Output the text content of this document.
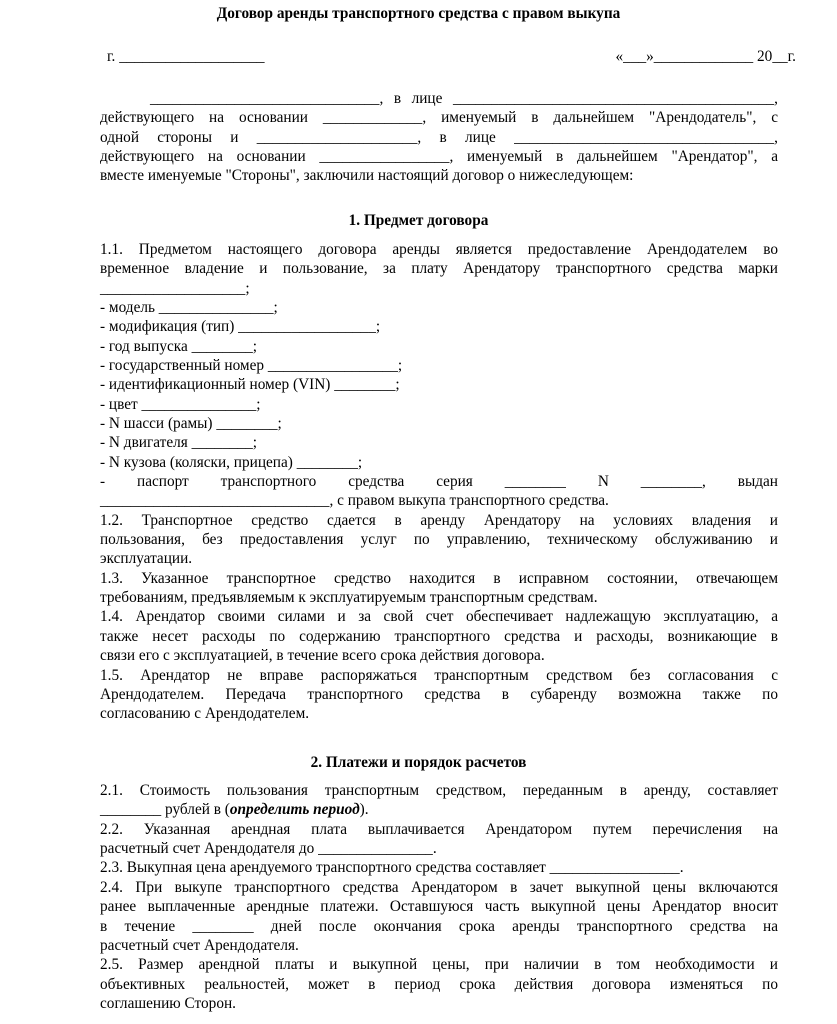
Договор аренды транспортного средства с правом выкупа
г. ___________________	«___»_____________ 20__г.
______________________________, в лице __________________________________________,
действующего на основании _____________, именуемый в дальнейшем "Арендодатель", с
одной стороны и _____________________, в лице __________________________________,
действующего на основании _________________, именуемый в дальнейшем "Арендатор", а
вместе именуемые "Стороны", заключили настоящий договор о нижеследующем:
1. Предмет договора
1.1. Предметом настоящего договора аренды является предоставление Арендодателем во
временное владение и пользование, за плату Арендатору транспортного средства марки
___________________;
- модель _______________;
- модификация (тип) __________________;
- год выпуска ________;
- государственный номер _________________;
- идентификационный номер (VIN) ________;
- цвет _______________;
- N шасси (рамы) ________;
- N двигателя ________;
- N кузова (коляски, прицепа) ________;
- паспорт транспортного средства серия ________ N ________, выдан
______________________________, с правом выкупа транспортного средства.
1.2. Транспортное средство сдается в аренду Арендатору на условиях владения и
пользования, без предоставления услуг по управлению, техническому обслуживанию и
эксплуатации.
1.3. Указанное транспортное средство находится в исправном состоянии, отвечающем
требованиям, предъявляемым к эксплуатируемым транспортным средствам.
1.4. Арендатор своими силами и за свой счет обеспечивает надлежащую эксплуатацию, а
также несет расходы по содержанию транспортного средства и расходы, возникающие в
связи его с эксплуатацией, в течение всего срока действия договора.
1.5. Арендатор не вправе распоряжаться транспортным средством без согласования с
Арендодателем. Передача транспортного средства в субаренду возможна также по
согласованию с Арендодателем.
2. Платежи и порядок расчетов
2.1. Стоимость пользования транспортным средством, переданным в аренду, составляет
________ рублей в (определить период).
2.2. Указанная арендная плата выплачивается Арендатором путем перечисления на
расчетный счет Арендодателя до _______________.
2.3. Выкупная цена арендуемого транспортного средства составляет _________________.
2.4. При выкупе транспортного средства Арендатором в зачет выкупной цены включаются
ранее выплаченные арендные платежи. Оставшуюся часть выкупной цены Арендатор вносит
в течение ________ дней после окончания срока аренды транспортного средства на
расчетный счет Арендодателя.
2.5. Размер арендной платы и выкупной цены, при наличии в том необходимости и
объективных реальностей, может в период срока действия договора изменяться по
соглашению Сторон.
